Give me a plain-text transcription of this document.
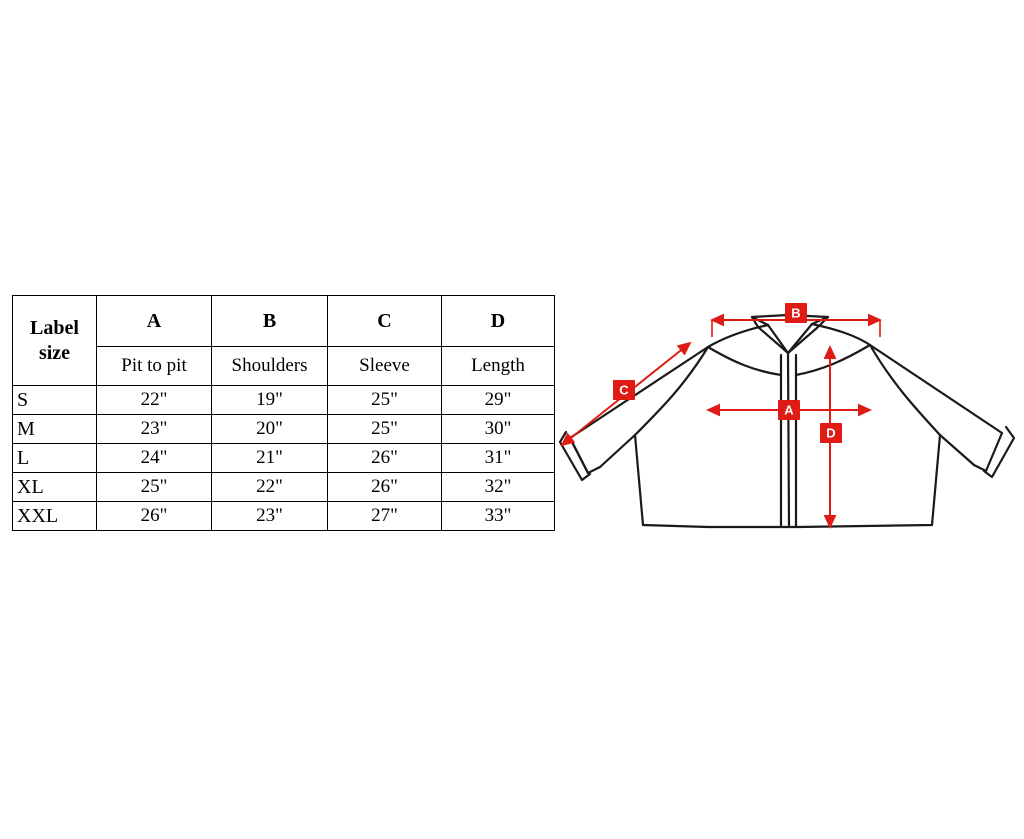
Label
size	A	B	C	D
	Pit to pit	Shoulders	Sleeve	Length
S	22"	19"	25"	29"
M	23"	20"	25"	30"
L	24"	21"	26"	31"
XL	25"	22"	26"	32"
XXL	26"	23"	27"	33"
B
C
A
D
